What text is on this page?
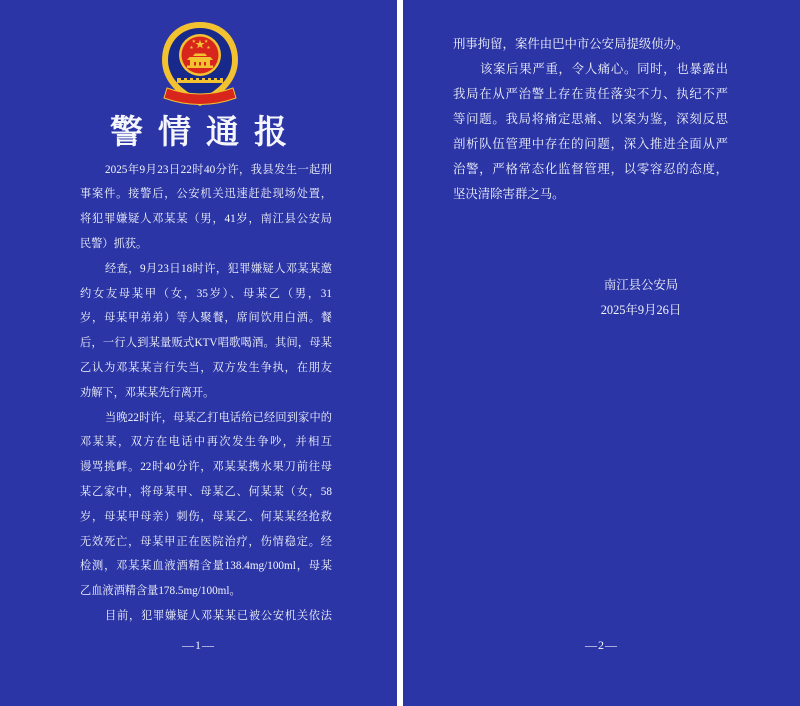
警情通报
2025年9月23日22时40分许，我县发生一起刑
事案件。接警后，公安机关迅速赶赴现场处置，
将犯罪嫌疑人邓某某（男，41岁，南江县公安局
民警）抓获。
经查，9月23日18时许，犯罪嫌疑人邓某某邀
约女友母某甲（女，35岁）、母某乙（男，31
岁，母某甲弟弟）等人聚餐，席间饮用白酒。餐
后，一行人到某量贩式KTV唱歌喝酒。其间，母某
乙认为邓某某言行失当，双方发生争执，在朋友
劝解下，邓某某先行离开。
当晚22时许，母某乙打电话给已经回到家中的
邓某某，双方在电话中再次发生争吵，并相互
谩骂挑衅。22时40分许，邓某某携水果刀前往母
某乙家中，将母某甲、母某乙、何某某（女，58
岁，母某甲母亲）刺伤，母某乙、何某某经抢救
无效死亡，母某甲正在医院治疗，伤情稳定。经
检测，邓某某血液酒精含量138.4mg/100ml，母某
乙血液酒精含量178.5mg/100ml。
目前，犯罪嫌疑人邓某某已被公安机关依法
—1—
刑事拘留，案件由巴中市公安局提级侦办。
该案后果严重，令人痛心。同时，也暴露出
我局在从严治警上存在责任落实不力、执纪不严
等问题。我局将痛定思痛、以案为鉴，深刻反思
剖析队伍管理中存在的问题，深入推进全面从严
治警，严格常态化监督管理，以零容忍的态度，
坚决清除害群之马。
南江县公安局
2025年9月26日
—2—
